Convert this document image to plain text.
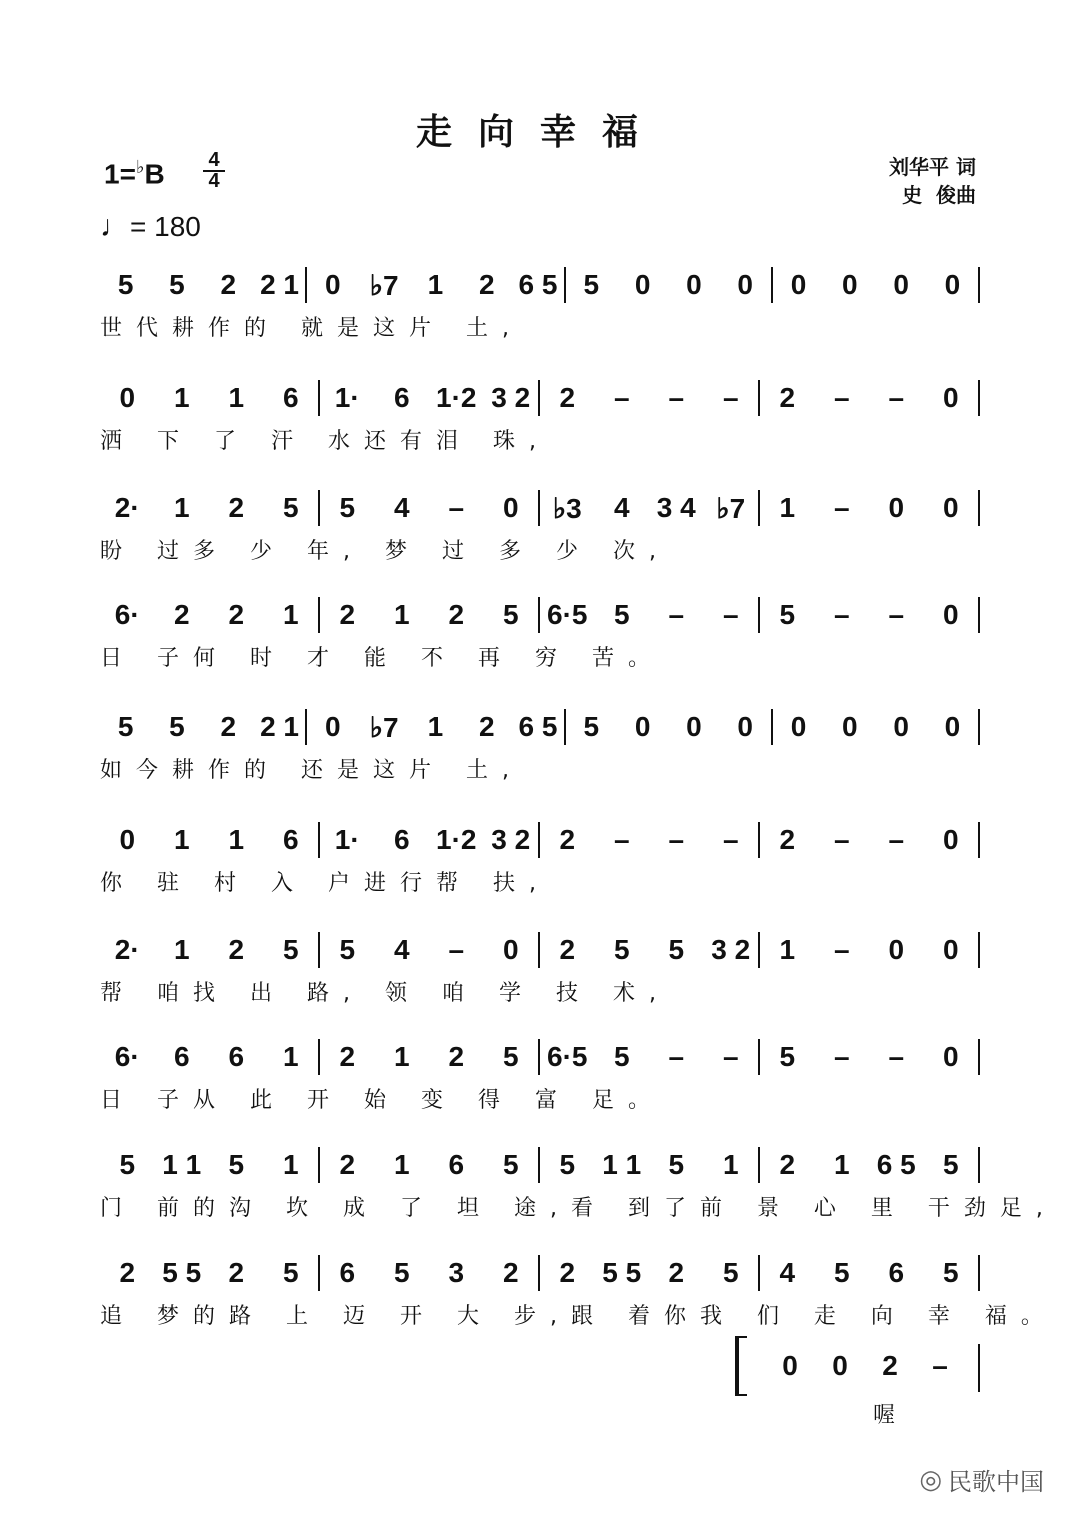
走向幸福
1=♭B 4
4
♩= 180
刘华平 词
史  俊曲
5	5	2 2 1 0	♭7	1	2 6 5 5	0	0	0	0	0	0	0
世代耕作的 就是这片 土,
0	1	1	6	1·	6 1·2 3 2	2	–	–	–	2	–	–	0
洒 下 了 汗 水还有泪 珠,
2·	1	2	5	5	4	–	0	♭3	4 3 4 ♭7	1	–	0	0
盼 过多 少 年, 梦 过 多 少 次,
6·	2	2	1	2	1	2	5	6·5 5	–	–	5	–	–	0
日 子何 时 才 能 不 再 穷 苦。
5	5	2 2 1 0	♭7	1	2 6 5 5	0	0	0	0	0	0	0
如今耕作的 还是这片 土,
0	1	1	6	1·	6 1·2 3 2	2	–	–	–	2	–	–	0
你 驻 村 入 户进行帮 扶,
2·	1	2	5	5	4	–	0	2	5	5 3 2	1	–	0	0
帮 咱找 出 路, 领 咱 学 技 术,
6·	6	6	1	2	1	2	5	6·5 5	–	–	5	–	–	0
日 子从 此 开 始 变 得 富 足。
5 1 1 5	1	2	1	6	5	5 1 1 5	1	2	1 6 5 5
门 前的沟 坎 成 了 坦 途,看 到了前 景 心 里 干劲足,
2 5 5 2	5	6	5	3	2	2 5 5 2	5	4	5	6	5
追 梦的路 上 迈 开 大 步,跟 着你我 们 走 向 幸 福。
0	0	2	–
喔
◎ 民歌中国
